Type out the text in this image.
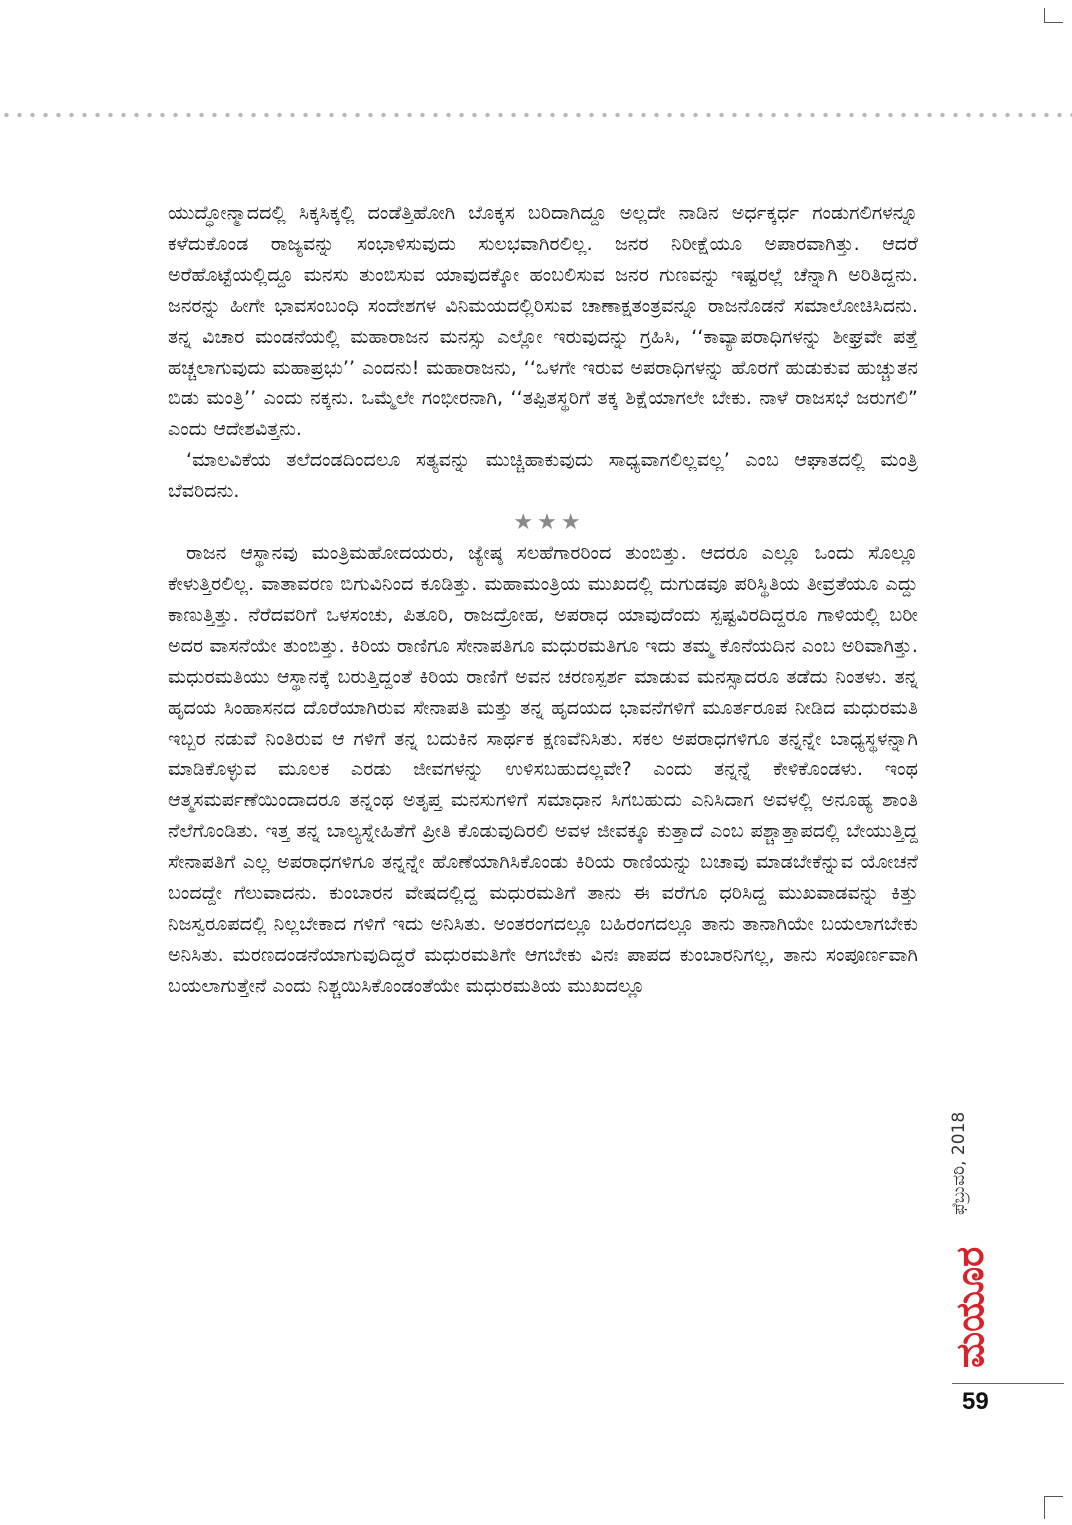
ಯುದ್ಧೋನ್ಮಾದದಲ್ಲಿ ಸಿಕ್ಕಸಿಕ್ಕಲ್ಲಿ ದಂಡೆತ್ತಿಹೋಗಿ ಬೊಕ್ಕಸ ಬರಿದಾಗಿದ್ದೂ ಅಲ್ಲದೇ ನಾಡಿನ ಅರ್ಧಕ್ಕರ್ಧ ಗಂಡುಗಲಿಗಳನ್ನೂ ಕಳೆದುಕೊಂಡ ರಾಜ್ಯವನ್ನು ಸಂಭಾಳಿಸುವುದು ಸುಲಭವಾಗಿರಲಿಲ್ಲ. ಜನರ ನಿರೀಕ್ಷೆಯೂ ಅಪಾರವಾಗಿತ್ತು. ಆದರೆ ಅರೆಹೊಟ್ಟೆಯಲ್ಲಿದ್ದೂ ಮನಸು ತುಂಬಿಸುವ ಯಾವುದಕ್ಕೋ ಹಂಬಲಿಸುವ ಜನರ ಗುಣವನ್ನು ಇಷ್ಟರಲ್ಲೆ ಚೆನ್ನಾಗಿ ಅರಿತಿದ್ದನು. ಜನರನ್ನು ಹೀಗೇ ಭಾವಸಂಬಂಧಿ ಸಂದೇಶಗಳ ವಿನಿಮಯದಲ್ಲಿರಿಸುವ ಚಾಣಾಕ್ಷತಂತ್ರವನ್ನೂ ರಾಜನೊಡನೆ ಸಮಾಲೋಚಿಸಿದನು. ತನ್ನ ವಿಚಾರ ಮಂಡನೆಯಲ್ಲಿ ಮಹಾರಾಜನ ಮನಸ್ಸು ಎಲ್ಲೋ ಇರುವುದನ್ನು ಗ್ರಹಿಸಿ, ‘‘ಕಾವ್ಯಾಪರಾಧಿಗಳನ್ನು ಶೀಘ್ರವೇ ಪತ್ತೆ ಹಚ್ಚಲಾಗುವುದು ಮಹಾಪ್ರಭು’’ ಎಂದನು! ಮಹಾರಾಜನು, ‘‘ಒಳಗೇ ಇರುವ ಅಪರಾಧಿಗಳನ್ನು ಹೊರಗೆ ಹುಡುಕುವ ಹುಚ್ಚುತನ ಬಿಡು ಮಂತ್ರಿ’’ ಎಂದು ನಕ್ಕನು. ಒಮ್ಮೆಲೇ ಗಂಭೀರನಾಗಿ, ‘‘ತಪ್ಪಿತಸ್ಥರಿಗೆ ತಕ್ಕ ಶಿಕ್ಷೆಯಾಗಲೇ ಬೇಕು. ನಾಳೆ ರಾಜಸಭೆ ಜರುಗಲಿ” ಎಂದು ಆದೇಶವಿತ್ತನು.

‘ಮಾಲವಿಕೆಯ ತಲೆದಂಡದಿಂದಲೂ ಸತ್ಯವನ್ನು ಮುಚ್ಚಿಹಾಕುವುದು ಸಾಧ್ಯವಾಗಲಿಲ್ಲವಲ್ಲ’ ಎಂಬ ಆಘಾತದಲ್ಲಿ ಮಂತ್ರಿ ಬೆವರಿದನು.

★★★

ರಾಜನ ಆಸ್ಥಾನವು ಮಂತ್ರಿಮಹೋದಯರು, ಜ್ಯೇಷ್ಠ ಸಲಹೆಗಾರರಿಂದ ತುಂಬಿತ್ತು. ಆದರೂ ಎಲ್ಲೂ ಒಂದು ಸೊಲ್ಲೂ ಕೇಳುತ್ತಿರಲಿಲ್ಲ. ವಾತಾವರಣ ಬಿಗುವಿನಿಂದ ಕೂಡಿತ್ತು. ಮಹಾಮಂತ್ರಿಯ ಮುಖದಲ್ಲಿ ದುಗುಡವೂ ಪರಿಸ್ಥಿತಿಯ ತೀವ್ರತೆಯೂ ಎದ್ದು ಕಾಣುತ್ತಿತ್ತು. ನೆರೆದವರಿಗೆ ಒಳಸಂಚು, ಪಿತೂರಿ, ರಾಜದ್ರೋಹ, ಅಪರಾಧ ಯಾವುದೆಂದು ಸ್ಪಷ್ಟವಿರದಿದ್ದರೂ ಗಾಳಿಯಲ್ಲಿ ಬರೀ ಅದರ ವಾಸನೆಯೇ ತುಂಬಿತ್ತು. ಕಿರಿಯ ರಾಣಿಗೂ ಸೇನಾಪತಿಗೂ ಮಧುರಮತಿಗೂ ಇದು ತಮ್ಮ ಕೊನೆಯದಿನ ಎಂಬ ಅರಿವಾಗಿತ್ತು. ಮಧುರಮತಿಯು ಆಸ್ಥಾನಕ್ಕೆ ಬರುತ್ತಿದ್ದಂತೆ ಕಿರಿಯ ರಾಣಿಗೆ ಅವನ ಚರಣಸ್ಪರ್ಶ ಮಾಡುವ ಮನಸ್ಸಾದರೂ ತಡೆದು ನಿಂತಳು. ತನ್ನ ಹೃದಯ ಸಿಂಹಾಸನದ ದೊರೆಯಾಗಿರುವ ಸೇನಾಪತಿ ಮತ್ತು ತನ್ನ ಹೃದಯದ ಭಾವನೆಗಳಿಗೆ ಮೂರ್ತರೂಪ ನೀಡಿದ ಮಧುರಮತಿ ಇಬ್ಬರ ನಡುವೆ ನಿಂತಿರುವ ಆ ಗಳಿಗೆ ತನ್ನ ಬದುಕಿನ ಸಾರ್ಥಕ ಕ್ಷಣವೆನಿಸಿತು. ಸಕಲ ಅಪರಾಧಗಳಿಗೂ ತನ್ನನ್ನೇ ಬಾಧ್ಯಸ್ಥಳನ್ನಾಗಿ ಮಾಡಿಕೊಳ್ಳುವ ಮೂಲಕ ಎರಡು ಜೀವಗಳನ್ನು ಉಳಿಸಬಹುದಲ್ಲವೇ? ಎಂದು ತನ್ನನ್ನೆ ಕೇಳಿಕೊಂಡಳು. ಇಂಥ ಆತ್ಮಸಮರ್ಪಣೆಯಿಂದಾದರೂ ತನ್ನಂಥ ಅತೃಪ್ತ ಮನಸುಗಳಿಗೆ ಸಮಾಧಾನ ಸಿಗಬಹುದು ಎನಿಸಿದಾಗ ಅವಳಲ್ಲಿ ಅನೂಹ್ಯ ಶಾಂತಿ ನೆಲೆಗೊಂಡಿತು. ಇತ್ತ ತನ್ನ ಬಾಲ್ಯಸ್ನೇಹಿತೆಗೆ ಪ್ರೀತಿ ಕೊಡುವುದಿರಲಿ ಅವಳ ಜೀವಕ್ಕೂ ಕುತ್ತಾದೆ ಎಂಬ ಪಶ್ಚಾತ್ತಾಪದಲ್ಲಿ ಬೇಯುತ್ತಿದ್ದ ಸೇನಾಪತಿಗೆ ಎಲ್ಲ ಅಪರಾಧಗಳಿಗೂ ತನ್ನನ್ನೇ ಹೊಣೆಯಾಗಿಸಿಕೊಂಡು ಕಿರಿಯ ರಾಣಿಯನ್ನು ಬಚಾವು ಮಾಡಬೇಕೆನ್ನುವ ಯೋಚನೆ ಬಂದದ್ದೇ ಗೆಲುವಾದನು. ಕುಂಬಾರನ ವೇಷದಲ್ಲಿದ್ದ ಮಧುರಮತಿಗೆ ತಾನು ಈ ವರೆಗೂ ಧರಿಸಿದ್ದ ಮುಖವಾಡವನ್ನು ಕಿತ್ತು ನಿಜಸ್ವರೂಪದಲ್ಲಿ ನಿಲ್ಲಬೇಕಾದ ಗಳಿಗೆ ಇದು ಅನಿಸಿತು. ಅಂತರಂಗದಲ್ಲೂ ಬಹಿರಂಗದಲ್ಲೂ ತಾನು ತಾನಾಗಿಯೇ ಬಯಲಾಗಬೇಕು ಅನಿಸಿತು. ಮರಣದಂಡನೆಯಾಗುವುದಿದ್ದರೆ ಮಧುರಮತಿಗೇ ಆಗಬೇಕು ವಿನಃ ಪಾಪದ ಕುಂಬಾರನಿಗಲ್ಲ, ತಾನು ಸಂಪೂರ್ಣವಾಗಿ ಬಯಲಾಗುತ್ತೇನೆ ಎಂದು ನಿಶ್ಚಯಿಸಿಕೊಂಡಂತೆಯೇ ಮಧುರಮತಿಯ ಮುಖದಲ್ಲೂ

ಫೆಬ್ರುವರಿ, 2018
ಮಯೂರ
59
